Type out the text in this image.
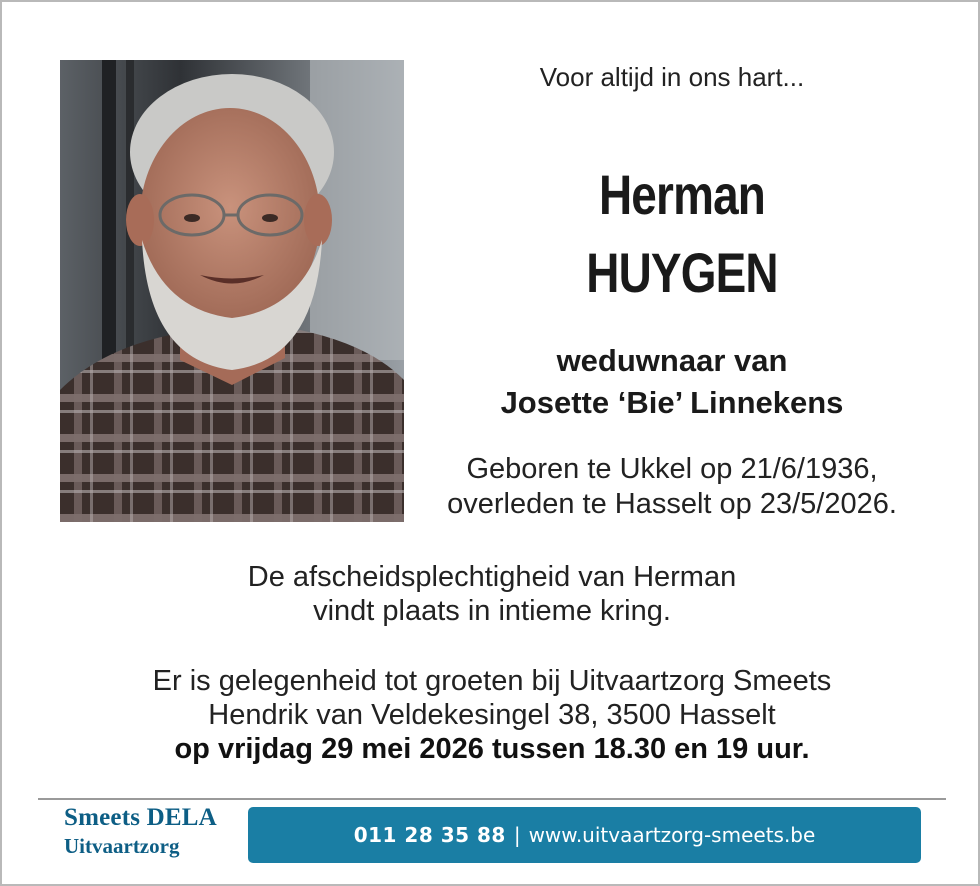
Voor altijd in ons hart...
Herman
HUYGEN
weduwnaar van
Josette ‘Bie’ Linnekens
Geboren te Ukkel op 21/6/1936,
overleden te Hasselt op 23/5/2026.
De afscheidsplechtigheid van Herman
vindt plaats in intieme kring.
Er is gelegenheid tot groeten bij Uitvaartzorg Smeets
Hendrik van Veldekesingel 38, 3500 Hasselt
op vrijdag 29 mei 2026 tussen 18.30 en 19 uur.
Smeets DELA
Uitvaartzorg	011 28 35 88 | www.uitvaartzorg-smeets.be
